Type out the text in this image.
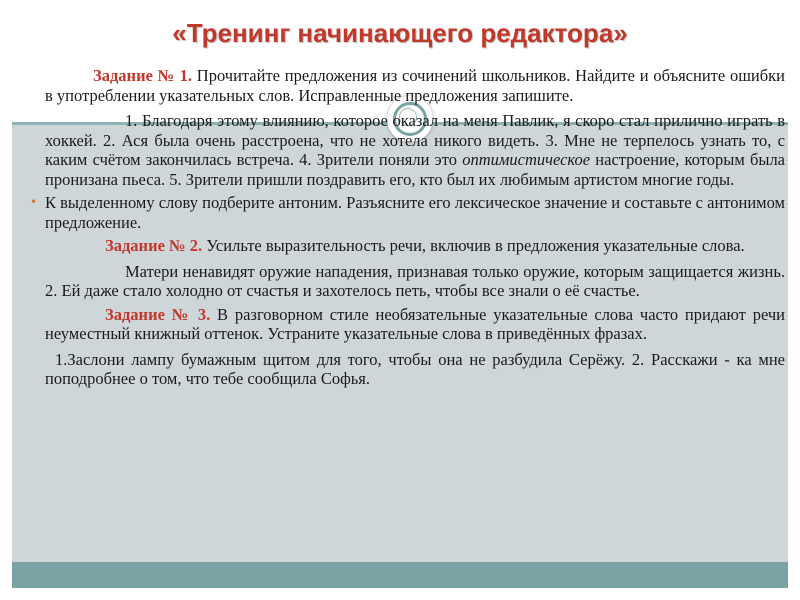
«Тренинг начинающего редактора»

Задание № 1. Прочитайте предложения из сочинений школьников. Найдите и объясните ошибки в употреблении указательных слов. Исправленные предложения запишите.

1. Благодаря этому влиянию, которое оказал на меня Павлик, я скоро стал прилично играть в хоккей. 2. Ася была очень расстроена, что не хотела никого видеть. 3. Мне не терпелось узнать то, с каким счётом закончилась встреча. 4. Зрители поняли это оптимистическое настроение, которым была пронизана пьеса. 5. Зрители пришли поздравить его, кто был их любимым артистом многие годы.

• К выделенному слову подберите антоним. Разъясните его лексическое значение и составьте с антонимом предложение.

Задание № 2. Усильте выразительность речи, включив в предложения указательные слова.

Матери ненавидят оружие нападения, признавая только оружие, которым защищается жизнь. 2. Ей даже стало холодно от счастья и захотелось петь, чтобы все знали о её счастье.

Задание № 3. В разговорном стиле необязательные указательные слова часто придают речи неуместный книжный оттенок. Устраните указательные слова в приведённых фразах.

1.Заслони лампу бумажным щитом для того, чтобы она не разбудила Серёжу. 2. Расскажи - ка мне поподробнее о том, что тебе сообщила Софья.
